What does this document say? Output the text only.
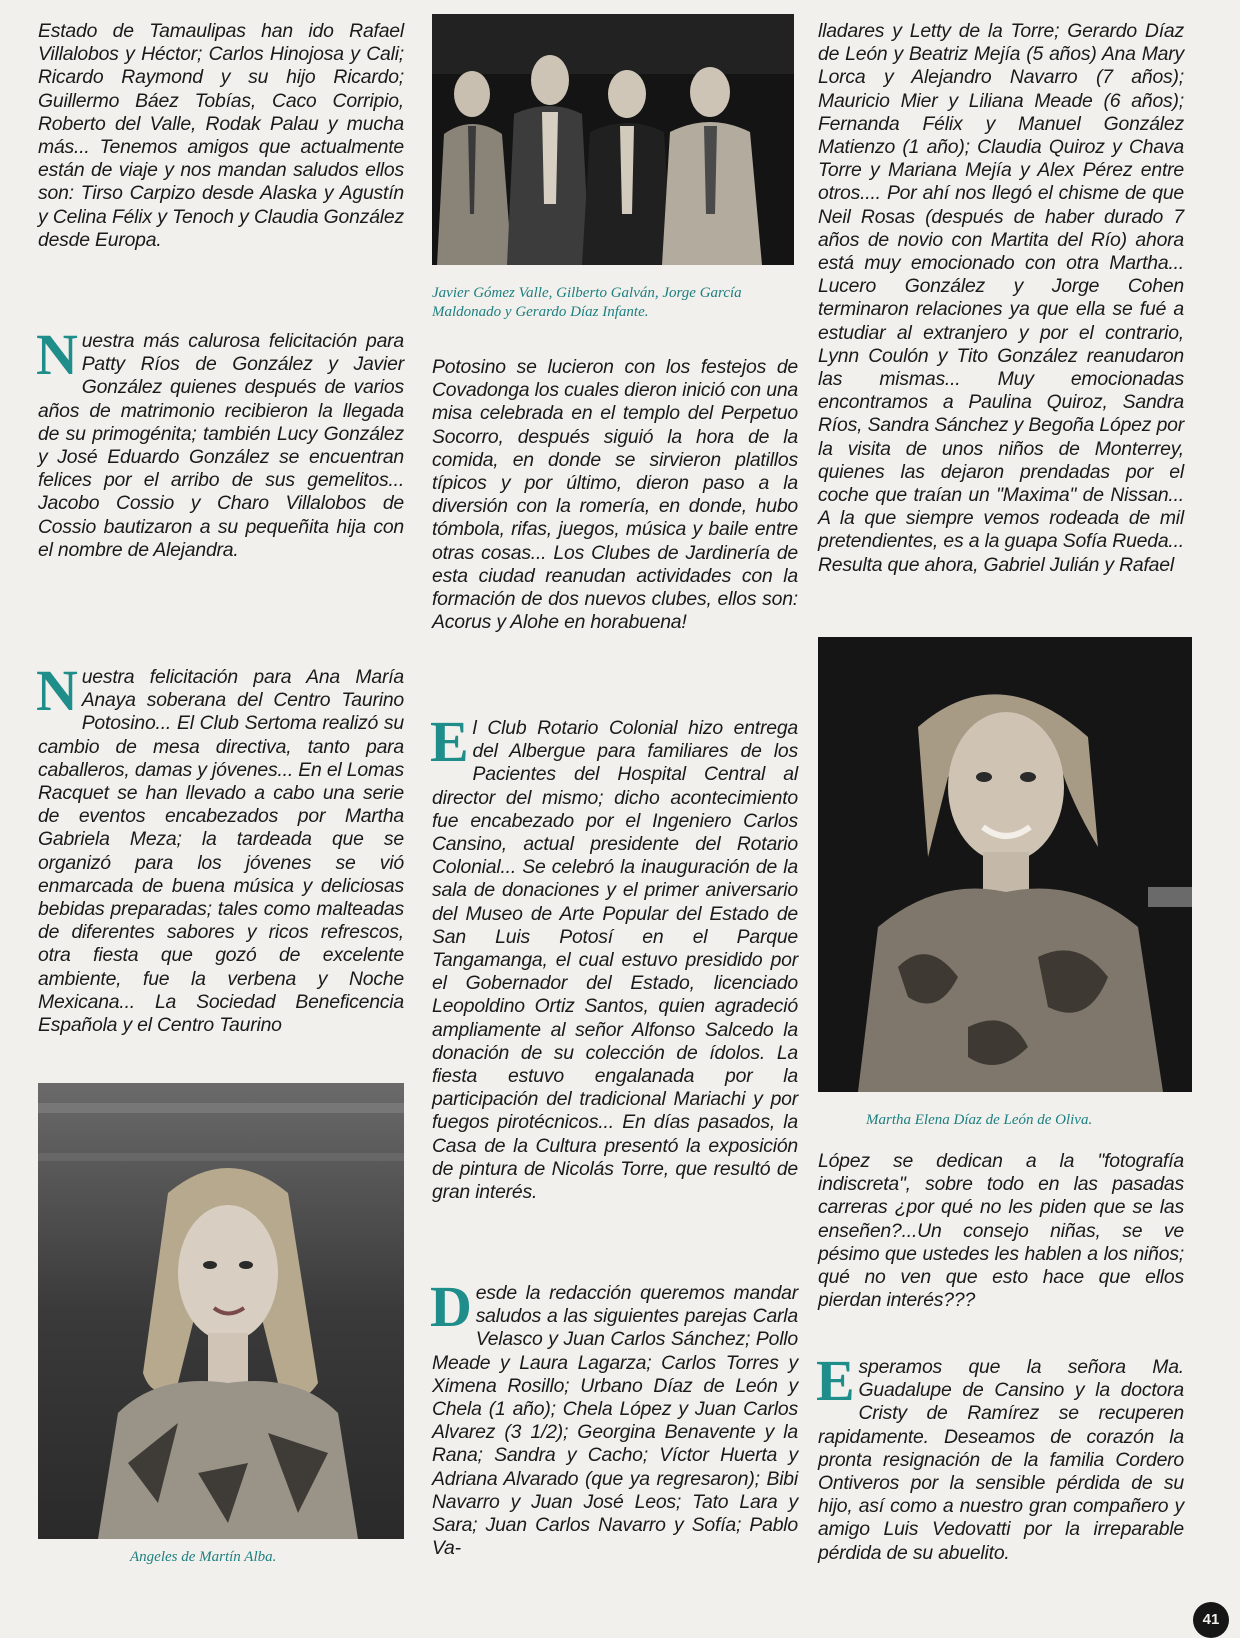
Estado de Tamaulipas han ido Rafael Villalobos y Héctor; Carlos Hinojosa y Cali; Ricardo Raymond y su hijo Ricardo; Guillermo Báez Tobías, Caco Corripio, Roberto del Valle, Rodak Palau y mucha más... Tenemos amigos que actualmente están de viaje y nos mandan saludos ellos son: Tirso Carpizo desde Alaska y Agustín y Celina Félix y Tenoch y Claudia González desde Europa.

Nuestra más calurosa felicitación para Patty Ríos de González y Javier González quienes después de varios años de matrimonio recibieron la llegada de su primogénita; también Lucy González y José Eduardo González se encuentran felices por el arribo de sus gemelitos... Jacobo Cossio y Charo Villalobos de Cossio bautizaron a su pequeñita hija con el nombre de Alejandra.

Nuestra felicitación para Ana María Anaya soberana del Centro Taurino Potosino... El Club Sertoma realizó su cambio de mesa directiva, tanto para caballeros, damas y jóvenes... En el Lomas Racquet se han llevado a cabo una serie de eventos encabezados por Martha Gabriela Meza; la tardeada que se organizó para los jóvenes se vió enmarcada de buena música y deliciosas bebidas preparadas; tales como malteadas de diferentes sabores y ricos refrescos, otra fiesta que gozó de excelente ambiente, fue la verbena y Noche Mexicana... La Sociedad Beneficencia Española y el Centro Taurino

Angeles de Martín Alba.
Javier Gómez Valle, Gilberto Galván, Jorge García Maldonado y Gerardo Díaz Infante.

Potosino se lucieron con los festejos de Covadonga los cuales dieron inició con una misa celebrada en el templo del Perpetuo Socorro, después siguió la hora de la comida, en donde se sirvieron platillos típicos y por último, dieron paso a la diversión con la romería, en donde, hubo tómbola, rifas, juegos, música y baile entre otras cosas... Los Clubes de Jardinería de esta ciudad reanudan actividades con la formación de dos nuevos clubes, ellos son: Acorus y Alohe en horabuena!

El Club Rotario Colonial hizo entrega del Albergue para familiares de los Pacientes del Hospital Central al director del mismo; dicho acontecimiento fue encabezado por el Ingeniero Carlos Cansino, actual presidente del Rotario Colonial... Se celebró la inauguración de la sala de donaciones y el primer aniversario del Museo de Arte Popular del Estado de San Luis Potosí en el Parque Tangamanga, el cual estuvo presidido por el Gobernador del Estado, licenciado Leopoldino Ortiz Santos, quien agradeció ampliamente al señor Alfonso Salcedo la donación de su colección de ídolos. La fiesta estuvo engalanada por la participación del tradicional Mariachi y por fuegos pirotécnicos... En días pasados, la Casa de la Cultura presentó la exposición de pintura de Nicolás Torre, que resultó de gran interés.

Desde la redacción queremos mandar saludos a las siguientes parejas Carla Velasco y Juan Carlos Sánchez; Pollo Meade y Laura Lagarza; Carlos Torres y Ximena Rosillo; Urbano Díaz de León y Chela (1 año); Chela López y Juan Carlos Alvarez (3 1/2); Georgina Benavente y la Rana; Sandra y Cacho; Víctor Huerta y Adriana Alvarado (que ya regresaron); Bibi Navarro y Juan José Leos; Tato Lara y Sara; Juan Carlos Navarro y Sofía; Pablo Va-

lladares y Letty de la Torre; Gerardo Díaz de León y Beatriz Mejía (5 años) Ana Mary Lorca y Alejandro Navarro (7 años); Mauricio Mier y Liliana Meade (6 años); Fernanda Félix y Manuel González Matienzo (1 año); Claudia Quiroz y Chava Torre y Mariana Mejía y Alex Pérez entre otros.... Por ahí nos llegó el chisme de que Neil Rosas (después de haber durado 7 años de novio con Martita del Río) ahora está muy emocionado con otra Martha... Lucero González y Jorge Cohen terminaron relaciones ya que ella se fué a estudiar al extranjero y por el contrario, Lynn Coulón y Tito González reanudaron las mismas... Muy emocionadas encontramos a Paulina Quiroz, Sandra Ríos, Sandra Sánchez y Begoña López por la visita de unos niños de Monterrey, quienes las dejaron prendadas por el coche que traían un "Maxima" de Nissan... A la que siempre vemos rodeada de mil pretendientes, es a la guapa Sofía Rueda... Resulta que ahora, Gabriel Julián y Rafael

López se dedican a la "fotografía indiscreta", sobre todo en las pasadas carreras ¿por qué no les piden que se las enseñen?...Un consejo niñas, se ve pésimo que ustedes les hablen a los niños; qué no ven que esto hace que ellos pierdan interés???

Esperamos que la señora Ma. Guadalupe de Cansino y la doctora Cristy de Ramírez se recuperen rapidamente. Deseamos de corazón la pronta resignación de la familia Cordero Ontiveros por la sensible pérdida de su hijo, así como a nuestro gran compañero y amigo Luis Vedovatti por la irreparable pérdida de su abuelito.

Martha Elena Díaz de León de Oliva.
41
